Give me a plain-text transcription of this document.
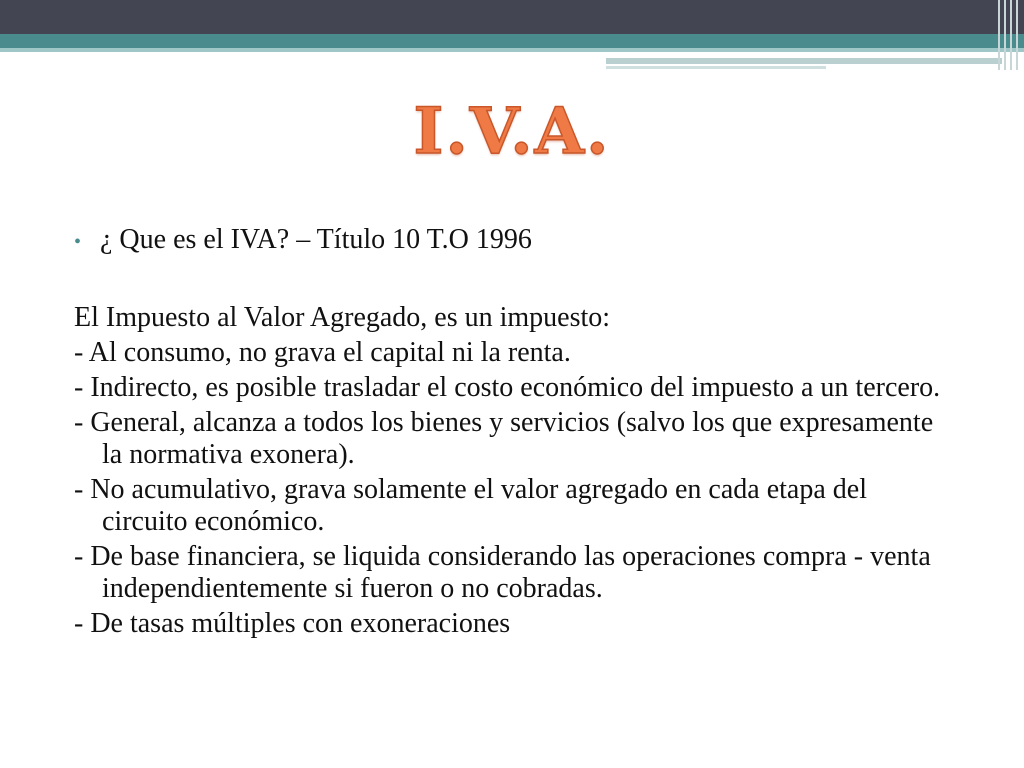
I.V.A.
• ¿ Que es el IVA? – Título 10 T.O 1996

El Impuesto al Valor Agregado, es un impuesto:

- Al consumo, no grava el capital ni la renta.

- Indirecto, es posible trasladar el costo económico del impuesto a un tercero.

- General, alcanza a todos los bienes y servicios (salvo los que expresamente la normativa exonera).

- No acumulativo, grava solamente el valor agregado en cada etapa del circuito económico.

- De base financiera, se liquida considerando las operaciones compra - venta independientemente si fueron o no cobradas.

- De tasas múltiples con exoneraciones
